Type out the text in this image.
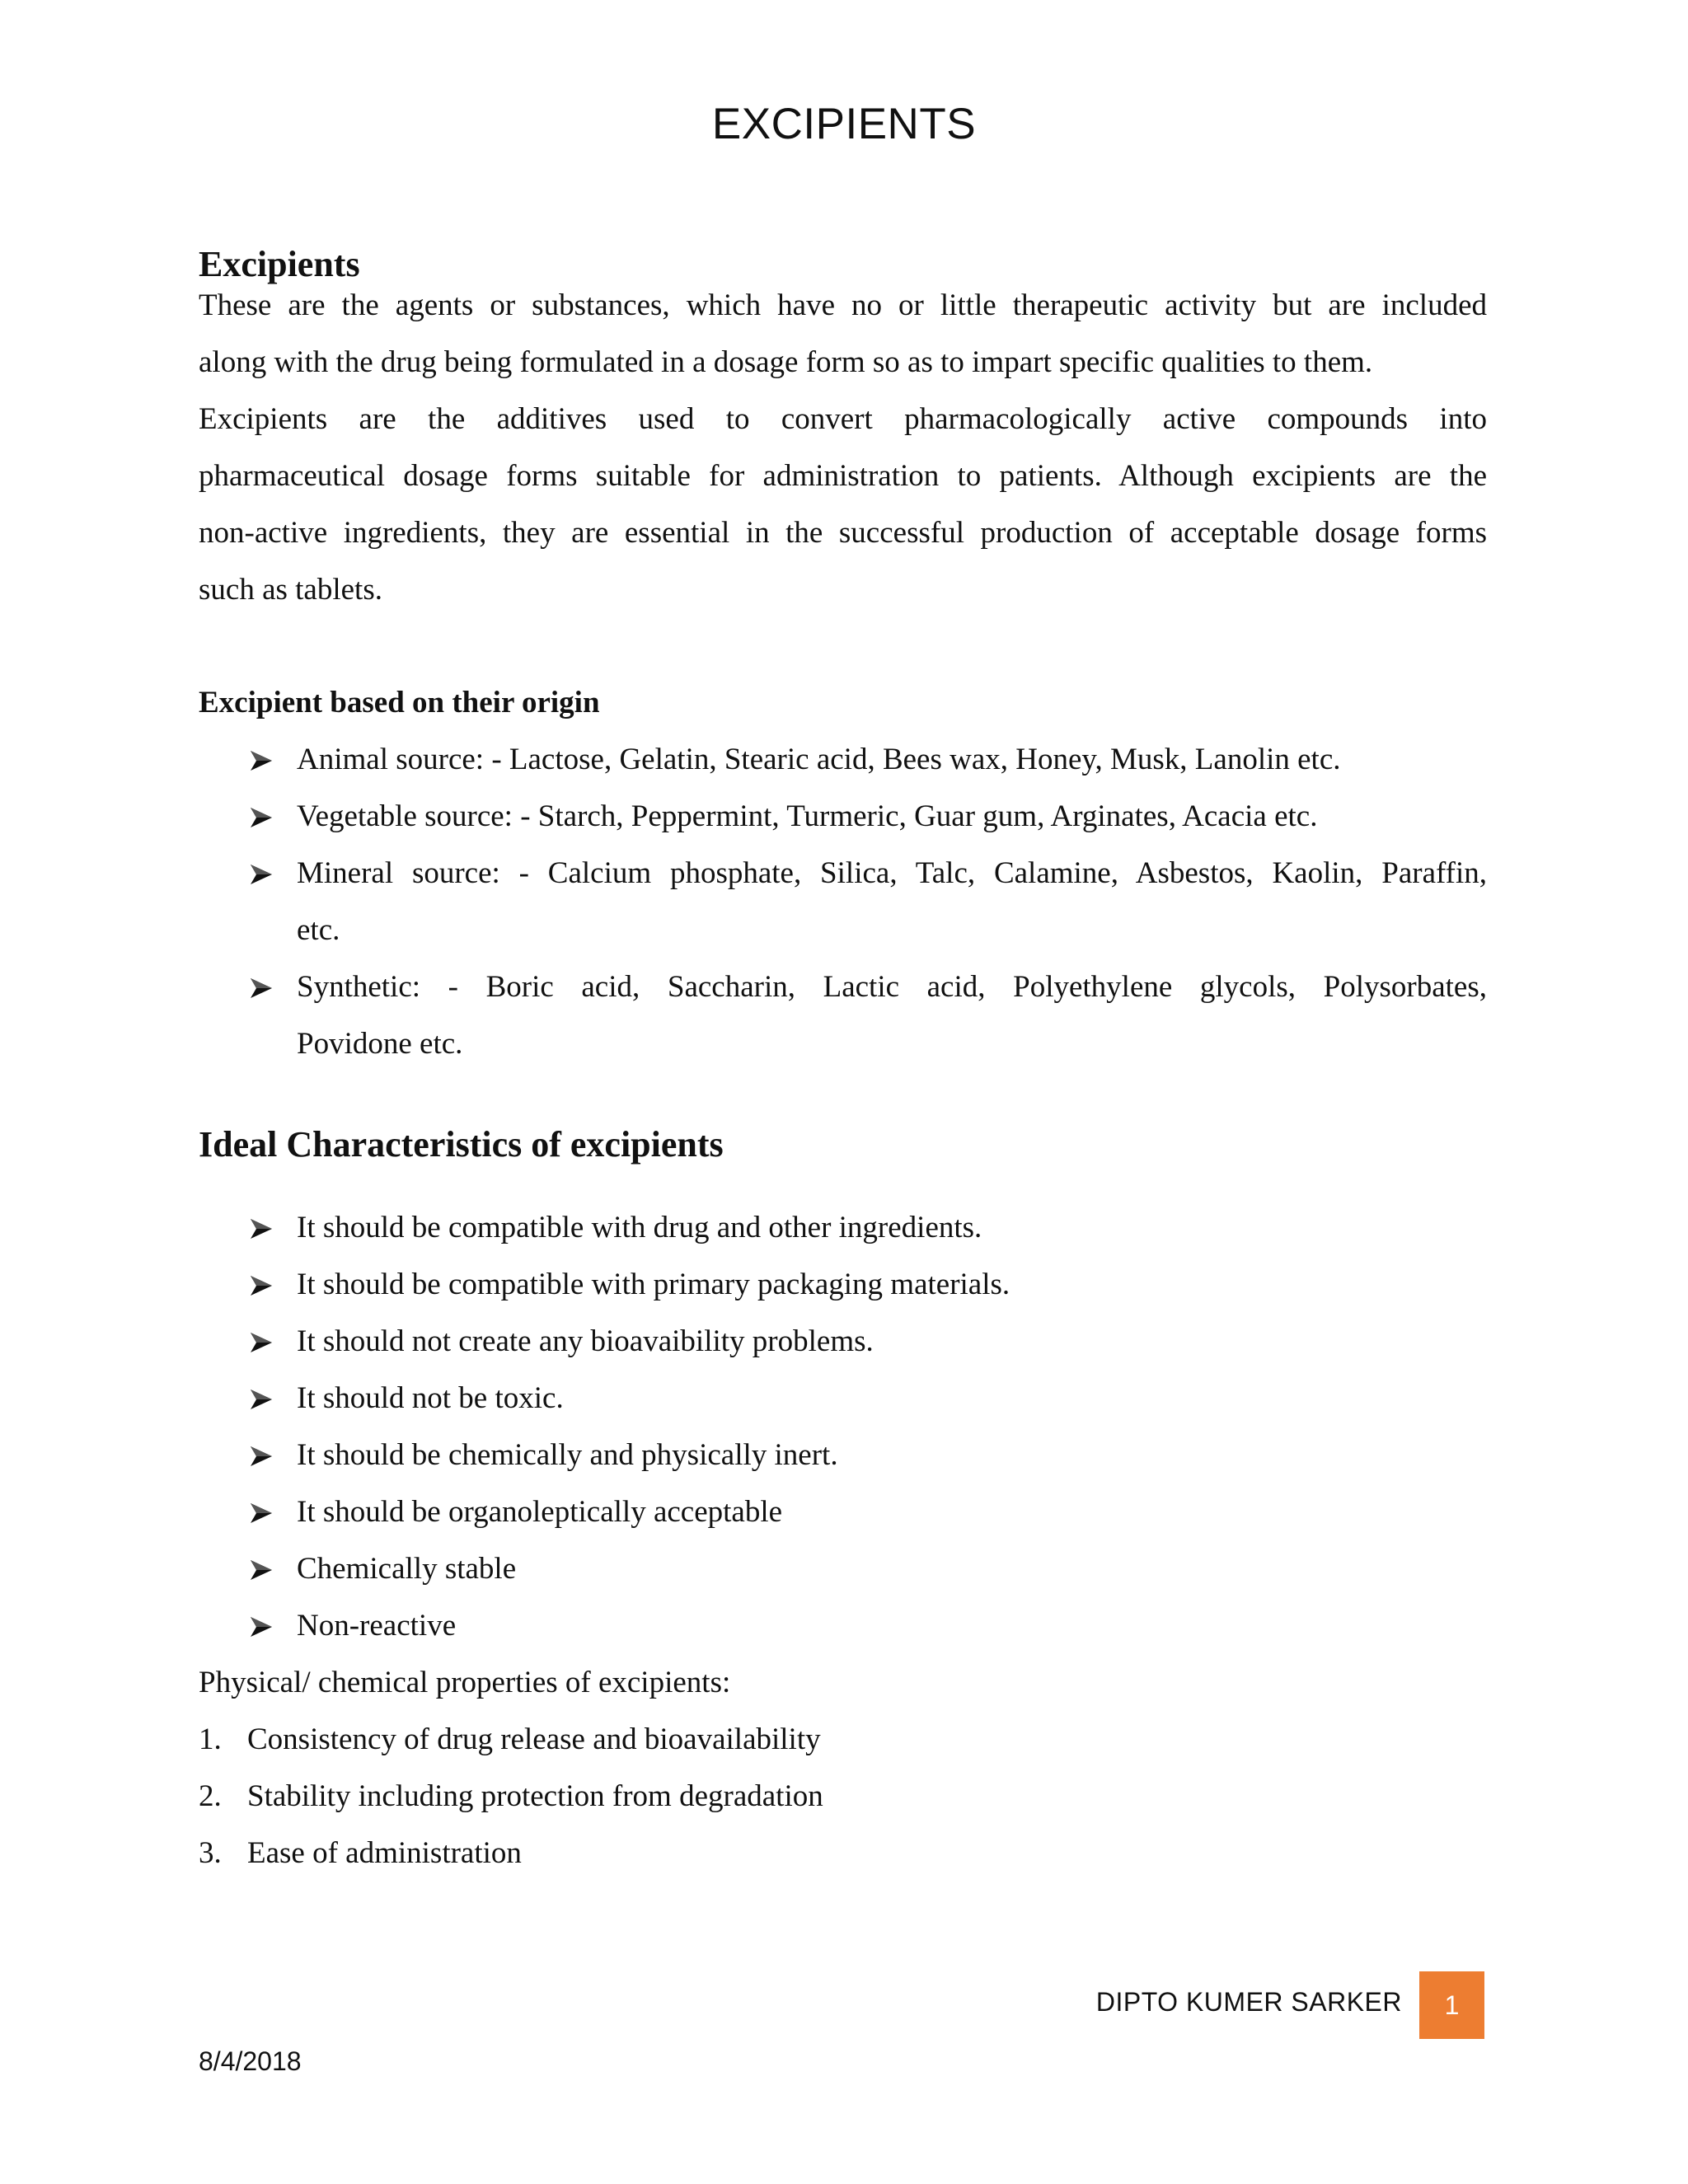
EXCIPIENTS
Excipients
These are the agents or substances, which have no or little therapeutic activity but are included
along with the drug being formulated in a dosage form so as to impart specific qualities to them.
Excipients are the additives used to convert pharmacologically active compounds into
pharmaceutical dosage forms suitable for administration to patients. Although excipients are the
non-active ingredients, they are essential in the successful production of acceptable dosage forms
such as tablets.
Excipient based on their origin
Animal source: - Lactose, Gelatin, Stearic acid, Bees wax, Honey, Musk, Lanolin etc.
Vegetable source: - Starch, Peppermint, Turmeric, Guar gum, Arginates, Acacia etc.
Mineral source: - Calcium phosphate, Silica, Talc, Calamine, Asbestos, Kaolin, Paraffin,
etc.
Synthetic: - Boric acid, Saccharin, Lactic acid, Polyethylene glycols, Polysorbates,
Povidone etc.
Ideal Characteristics of excipients
It should be compatible with drug and other ingredients.
It should be compatible with primary packaging materials.
It should not create any bioavaibility problems.
It should not be toxic.
It should be chemically and physically inert.
It should be organoleptically acceptable
Chemically stable
Non-reactive
Physical/ chemical properties of excipients:
1. Consistency of drug release and bioavailability
2. Stability including protection from degradation
3. Ease of administration
DIPTO KUMER SARKER	1
8/4/2018
